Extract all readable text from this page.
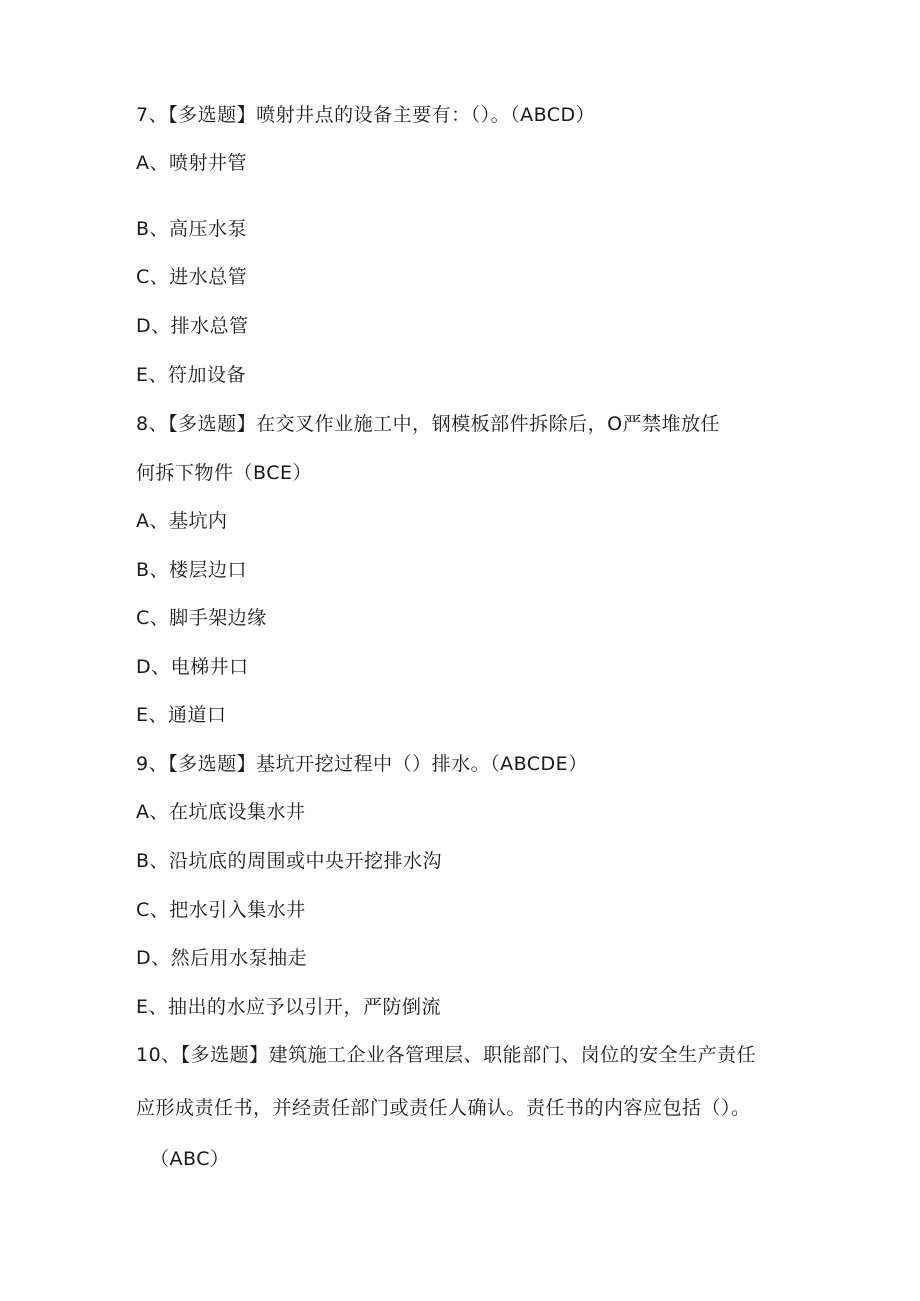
7、【多选题】喷射井点的设备主要有：（）。（ABCD）
A、喷射井管
B、高压水泵
C、进水总管
D、排水总管
E、符加设备
8、【多选题】在交叉作业施工中，钢模板部件拆除后，O严禁堆放任
何拆下物件（BCE）
A、基坑内
B、楼层边口
C、脚手架边缘
D、电梯井口
E、通道口
9、【多选题】基坑开挖过程中（）排水。（ABCDE）
A、在坑底设集水井
B、沿坑底的周围或中央开挖排水沟
C、把水引入集水井
D、然后用水泵抽走
E、抽出的水应予以引开，严防倒流
10、【多选题】建筑施工企业各管理层、职能部门、岗位的安全生产责任
应形成责任书，并经责任部门或责任人确认。责任书的内容应包括（）。
（ABC）
